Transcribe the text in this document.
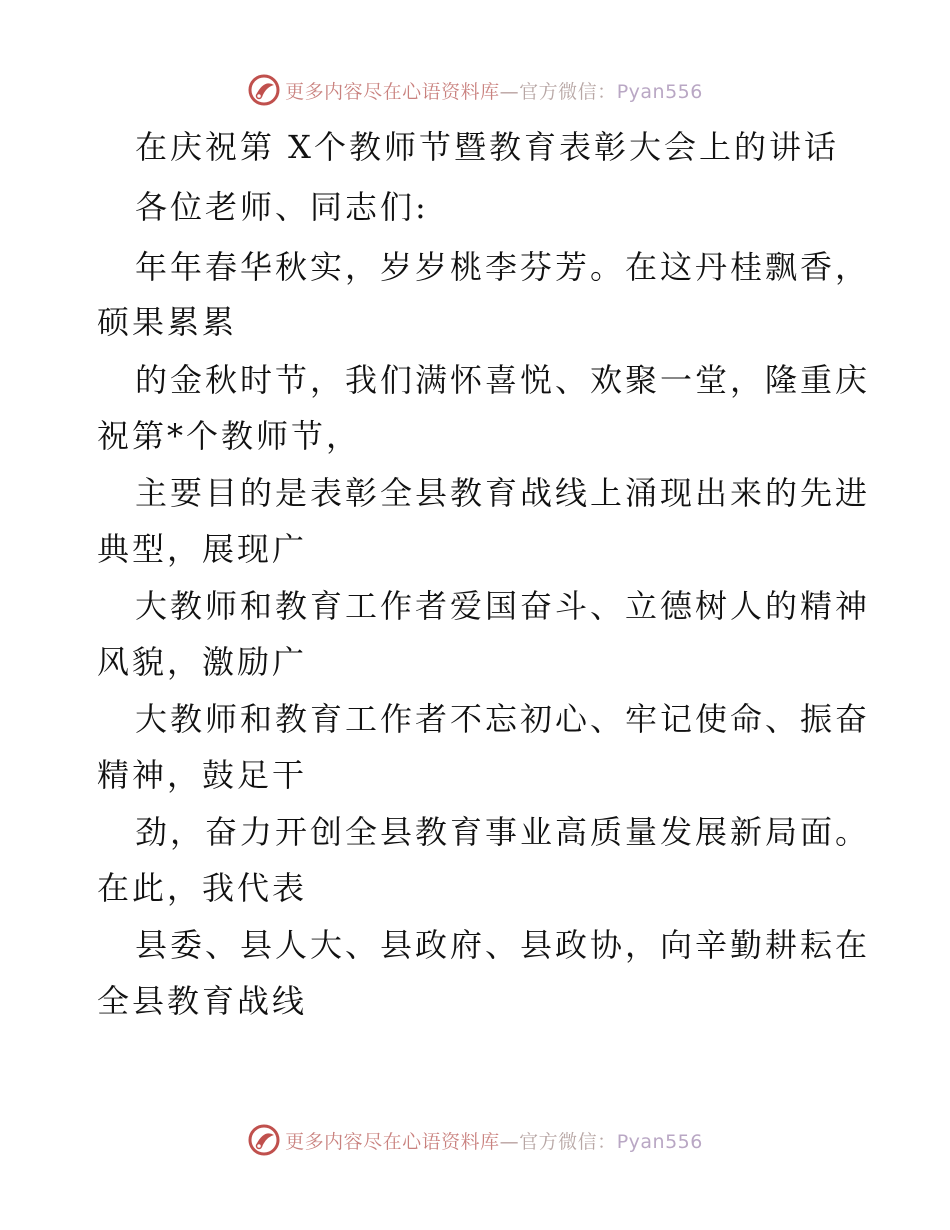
更多内容尽在心语资料库—官方微信：Pyan556
在庆祝第 X个教师节暨教育表彰大会上的讲话
各位老师、同志们:
年年春华秋实，岁岁桃李芬芳。在这丹桂飘香，
硕果累累
的金秋时节，我们满怀喜悦、欢聚一堂，隆重庆
祝第*个教师节，
主要目的是表彰全县教育战线上涌现出来的先进
典型，展现广
大教师和教育工作者爱国奋斗、立德树人的精神
风貌，激励广
大教师和教育工作者不忘初心、牢记使命、振奋
精神，鼓足干
劲，奋力开创全县教育事业高质量发展新局面。
在此，我代表
县委、县人大、县政府、县政协，向辛勤耕耘在
全县教育战线
更多内容尽在心语资料库—官方微信：Pyan556
